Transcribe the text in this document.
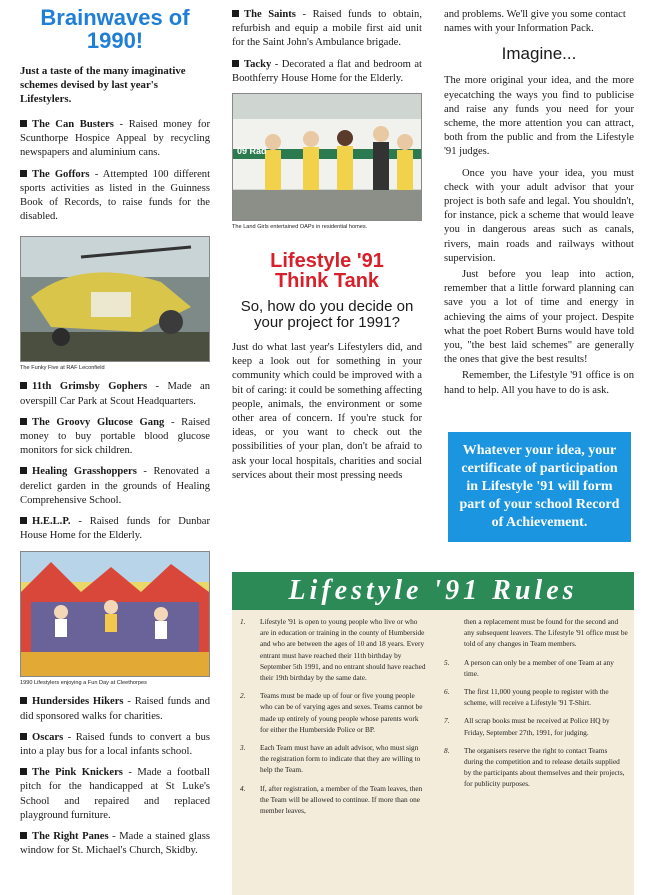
Brainwaves of 1990!

Just a taste of the many imaginative schemes devised by last year's Lifestylers.

The Can Busters - Raised money for Scunthorpe Hospice Appeal by recycling newspapers and aluminium cans.

The Goffors - Attempted 100 different sports activities as listed in the Guinness Book of Records, to raise funds for the disabled.

The Funky Five at RAF Leconfield

11th Grimsby Gophers - Made an overspill Car Park at Scout Headquarters.

The Groovy Glucose Gang - Raised money to buy portable blood glucose monitors for sick children.

Healing Grasshoppers - Renovated a derelict garden in the grounds of Healing Comprehensive School.

H.E.L.P. - Raised funds for Dunbar House Home for the Elderly.

1990 Lifestylers enjoying a Fun Day at Cleethorpes

Hundersides Hikers - Raised funds and did sponsored walks for charities.

Oscars - Raised funds to convert a bus into a play bus for a local infants school.

The Pink Knickers - Made a football pitch for the handicapped at St Luke's School and repaired and replaced playground furniture.

The Right Panes - Made a stained glass window for St. Michael's Church, Skidby.

The Saints - Raised funds to obtain, refurbish and equip a mobile first aid unit for the Saint John's Ambulance brigade.

Tacky - Decorated a flat and bedroom at Boothferry House Home for the Elderly.

09 Rad
The Land Girls entertained OAPs in residential homes.

Lifestyle '91
Think Tank

So, how do you decide on your project for 1991?

Just do what last year's Lifestylers did, and keep a look out for something in your community which could be improved with a bit of caring: it could be something affecting people, animals, the environment or some other area of concern. If you're stuck for ideas, or you want to check out the possibilities of your plan, don't be afraid to ask your local hospitals, charities and social services about their most pressing needs

and problems. We'll give you some contact names with your Information Pack.

Imagine...

The more original your idea, and the more eyecatching the ways you find to publicise and raise any funds you need for your scheme, the more attention you can attract, both from the public and from the Lifestyle '91 judges.

Once you have your idea, you must check with your adult advisor that your project is both safe and legal. You shouldn't, for instance, pick a scheme that would leave you in dangerous areas such as canals, rivers, main roads and railways without supervision.

Just before you leap into action, remember that a little forward planning can save you a lot of time and energy in achieving the aims of your project. Despite what the poet Robert Burns would have told you, "the best laid schemes" are generally the ones that give the best results!

Remember, the Lifestyle '91 office is on hand to help. All you have to do is ask.

Whatever your idea, your certificate of participation in Lifestyle '91 will form part of your school Record of Achievement.
Lifestyle '91 Rules
1. Lifestyle '91 is open to young people who live or who are in education or training in the county of Humberside and who are between the ages of 10 and 18 years. Every entrant must have reached their 11th birthday by September 5th 1991, and no entrant should have reached their 19th birthday by the same date.
2. Teams must be made up of four or five young people who can be of varying ages and sexes. Teams cannot be made up entirely of young people whose parents work for either the Humberside Police or BP.
3. Each Team must have an adult advisor, who must sign the registration form to indicate that they are willing to help the Team.
4. If, after registration, a member of the Team leaves, then the Team will be allowed to continue. If more than one member leaves,
then a replacement must be found for the second and any subsequent leavers. The Lifestyle '91 office must be told of any changes in Team members.
5. A person can only be a member of one Team at any time.
6. The first 11,000 young people to register with the scheme, will receive a Lifestyle '91 T-Shirt.
7. All scrap books must be received at Police HQ by Friday, September 27th, 1991, for judging.
8. The organisers reserve the right to contact Teams during the competition and to release details supplied by the participants about themselves and their projects, for publicity purposes.
